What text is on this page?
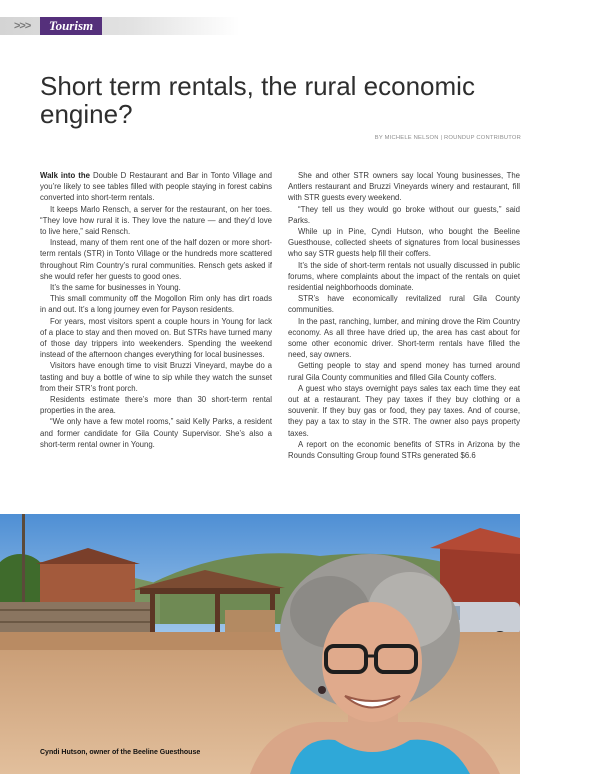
>>>	Tourism
Short term rentals, the rural economic engine?

BY MICHELE NELSON | ROUNDUP CONTRIBUTOR

Walk into the Double D Restaurant and Bar in Tonto Village and you’re likely to see tables filled with people staying in forest cabins converted into short-term rentals.

It keeps Marlo Rensch, a server for the restaurant, on her toes. “They love how rural it is. They love the nature — and they’d love to live here,” said Rensch.

Instead, many of them rent one of the half dozen or more short-term rentals (STR) in Tonto Village or the hundreds more scattered throughout Rim Country’s rural communities. Rensch gets asked if she would refer her guests to good ones.

It’s the same for businesses in Young.

This small community off the Mogollon Rim only has dirt roads in and out. It’s a long journey even for Payson residents.

For years, most visitors spent a couple hours in Young for lack of a place to stay and then moved on. But STRs have turned many of those day trippers into weekenders. Spending the weekend instead of the afternoon changes everything for local businesses.

Visitors have enough time to visit Bruzzi Vineyard, maybe do a tasting and buy a bottle of wine to sip while they watch the sunset from their STR’s front porch.

Residents estimate there’s more than 30 short-term rental properties in the area.

“We only have a few motel rooms,” said Kelly Parks, a resident and former candidate for Gila County Supervisor. She’s also a short-term rental owner in Young.

She and other STR owners say local Young businesses, The Antlers restaurant and Bruzzi Vineyards winery and restaurant, fill with STR guests every weekend.

“They tell us they would go broke without our guests,” said Parks.

While up in Pine, Cyndi Hutson, who bought the Beeline Guesthouse, collected sheets of signatures from local businesses who say STR guests help fill their coffers.

It’s the side of short-term rentals not usually discussed in public forums, where complaints about the impact of the rentals on quiet residential neighborhoods dominate.

STR’s have economically revitalized rural Gila County communities.

In the past, ranching, lumber, and mining drove the Rim Country economy. As all three have dried up, the area has cast about for some other economic driver. Short-term rentals have filled the need, say owners.

Getting people to stay and spend money has turned around rural Gila County communities and filled Gila County coffers.

A guest who stays overnight pays sales tax each time they eat out at a restaurant. They pay taxes if they buy clothing or a souvenir. If they buy gas or food, they pay taxes. And of course, they pay a tax to stay in the STR. The owner also pays property taxes.

A report on the economic benefits of STRs in Arizona by the Rounds Consulting Group found STRs generated $6.6

Cyndi Hutson, owner of the Beeline Guesthouse
